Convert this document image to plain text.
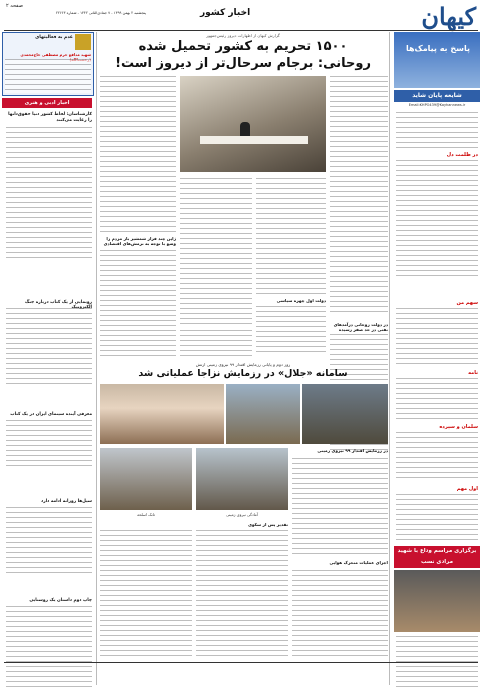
کیهان
اخبار کشور
صفحه ۲
پنجشنبه ۲ بهمن ۱۳۹۹ - ۷ جمادی‌الثانی ۱۴۴۲ - شماره ۲۲۶۶۳
پاسخ به پیامک‌ها
شایعه پایان شاید
Email:KHPO439@Kayhannews.ir
در ظلمت دل
سهم من
نامه
سلمان و سپرده
اول مهم
برگزاری مراسم وداع با شهید مرادی نسب
عدم به فعالیتهای
شهید مدافع حرم مصطفی حاج‌محمدی
اخبار ادبی و هنری
کارشناسان: لحاظ کشور دنیا حقوق‌دانها را رعایت می‌کنند
رونمایی از یک کتاب درباره جنگ
معرفی آینده سینمای ایران در یک کتاب
سیل‌ها روزانه ادامه دارد
چاپ دوم داستان یک روستایی
گزارش کیهان از اظهارات دیروز رئیس‌جمهور
۱۵۰۰ تحریم به کشور تحمیل شده
روحانی: برجام سرحال‌تر از دیروز است!
در دولت روحانی درآمدهای نفتی در حد صفر رسیده
دولت اول چهره سیاسی
ژاپن چند فرار شمشیر بار مردم را وضع با توجه به نرمش‌های اقتصادی
روز دوم و پایانی رزمایش اقتدار ۹۹ نیروی زمینی ارتش
سامانه «جلال» در رزمایش نزاجا عملیاتی شد
تانک اسلحه	آمادگی نیروی زمینی
در رزمایش اقتدار ۹۹ نیروی زمینی
اجرای عملیات متحرک هوایی
تقدیر پس از سکوی
